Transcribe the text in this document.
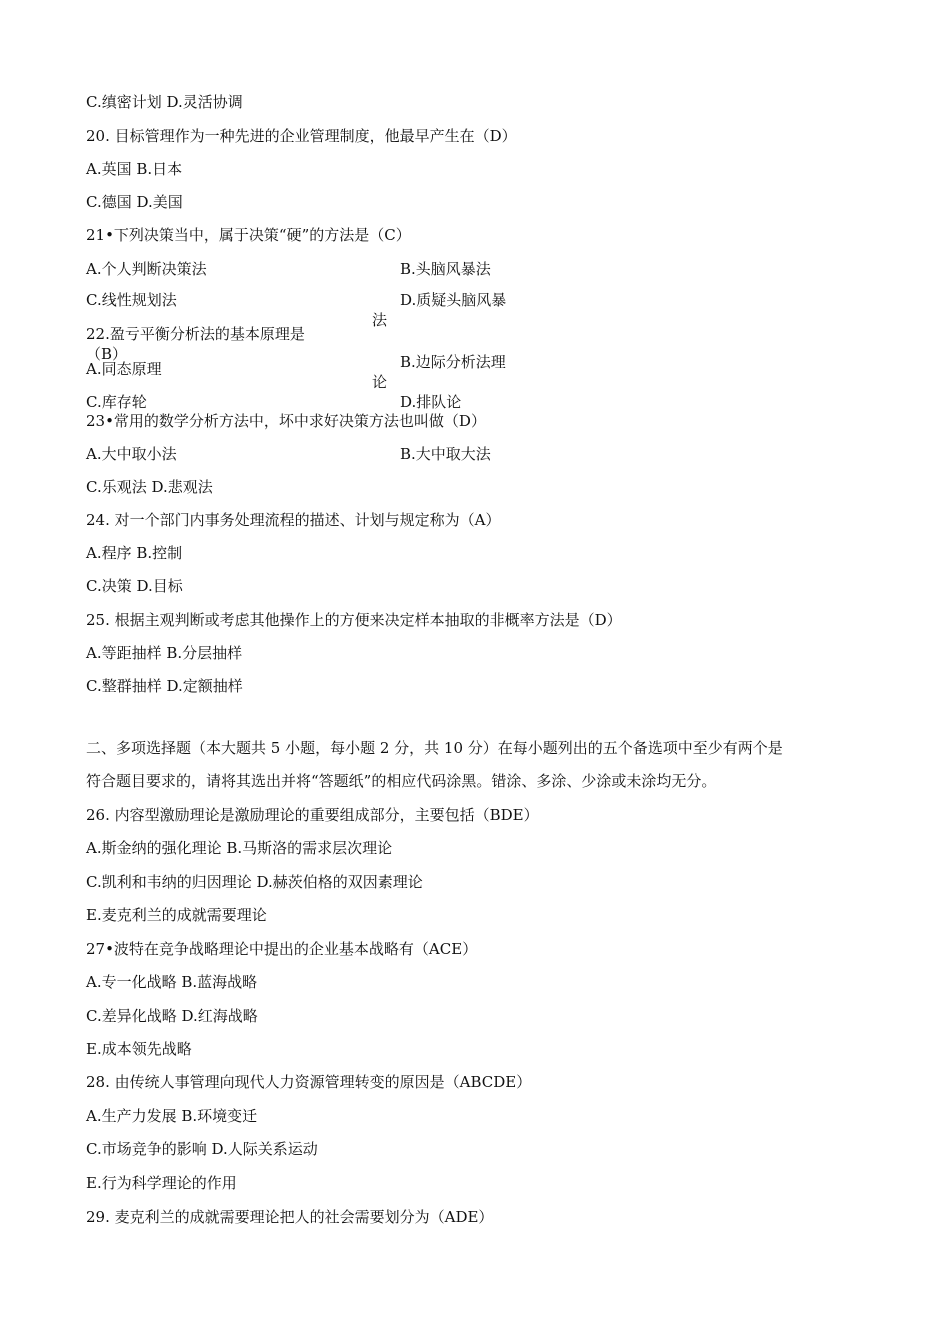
C.缜密计划 D.灵活协调
20. 目标管理作为一种先进的企业管理制度，他最早产生在（D）
A.英国 B.日本
C.德国 D.美国
21•下列决策当中，属于决策“硬”的方法是（C）
A.个人判断决策法	B.头脑风暴法
C.线性规划法	D.质疑头脑风暴
法
22.盈亏平衡分析法的基本原理是
（B）
A.同态原理	B.边际分析法理
论
C.库存轮	D.排队论
23•常用的数学分析方法中，坏中求好决策方法也叫做（D）
A.大中取小法	B.大中取大法
C.乐观法 D.悲观法
24. 对一个部门内事务处理流程的描述、计划与规定称为（A）
A.程序 B.控制
C.决策 D.目标
25. 根据主观判断或考虑其他操作上的方便来决定样本抽取的非概率方法是（D）
A.等距抽样 B.分层抽样
C.整群抽样 D.定额抽样
二、多项选择题（本大题共 5 小题，每小题 2 分，共 10 分）在每小题列出的五个备选项中至少有两个是
符合题目要求的，请将其选出并将“答题纸”的相应代码涂黑。错涂、多涂、少涂或未涂均无分。
26. 内容型激励理论是激励理论的重要组成部分，主要包括（BDE）
A.斯金纳的强化理论 B.马斯洛的需求层次理论
C.凯利和韦纳的归因理论 D.赫茨伯格的双因素理论
E.麦克利兰的成就需要理论
27•波特在竞争战略理论中提出的企业基本战略有（ACE）
A.专一化战略 B.蓝海战略
C.差异化战略 D.红海战略
E.成本领先战略
28. 由传统人事管理向现代人力资源管理转变的原因是（ABCDE）
A.生产力发展 B.环境变迁
C.市场竞争的影响 D.人际关系运动
E.行为科学理论的作用
29. 麦克利兰的成就需要理论把人的社会需要划分为（ADE）
